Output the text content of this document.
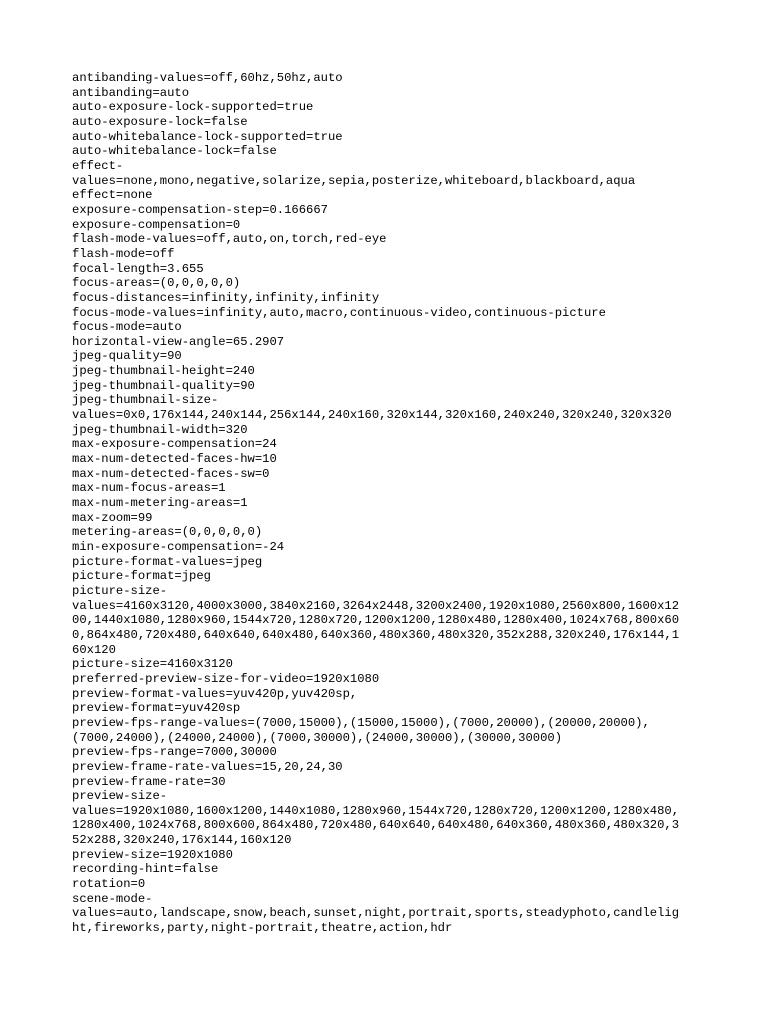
antibanding-values=off,60hz,50hz,auto
antibanding=auto
auto-exposure-lock-supported=true
auto-exposure-lock=false
auto-whitebalance-lock-supported=true
auto-whitebalance-lock=false
effect-
values=none,mono,negative,solarize,sepia,posterize,whiteboard,blackboard,aqua
effect=none
exposure-compensation-step=0.166667
exposure-compensation=0
flash-mode-values=off,auto,on,torch,red-eye
flash-mode=off
focal-length=3.655
focus-areas=(0,0,0,0,0)
focus-distances=infinity,infinity,infinity
focus-mode-values=infinity,auto,macro,continuous-video,continuous-picture
focus-mode=auto
horizontal-view-angle=65.2907
jpeg-quality=90
jpeg-thumbnail-height=240
jpeg-thumbnail-quality=90
jpeg-thumbnail-size-
values=0x0,176x144,240x144,256x144,240x160,320x144,320x160,240x240,320x240,320x320
jpeg-thumbnail-width=320
max-exposure-compensation=24
max-num-detected-faces-hw=10
max-num-detected-faces-sw=0
max-num-focus-areas=1
max-num-metering-areas=1
max-zoom=99
metering-areas=(0,0,0,0,0)
min-exposure-compensation=-24
picture-format-values=jpeg
picture-format=jpeg
picture-size-
values=4160x3120,4000x3000,3840x2160,3264x2448,3200x2400,1920x1080,2560x800,1600x12
00,1440x1080,1280x960,1544x720,1280x720,1200x1200,1280x480,1280x400,1024x768,800x60
0,864x480,720x480,640x640,640x480,640x360,480x360,480x320,352x288,320x240,176x144,1
60x120
picture-size=4160x3120
preferred-preview-size-for-video=1920x1080
preview-format-values=yuv420p,yuv420sp,
preview-format=yuv420sp
preview-fps-range-values=(7000,15000),(15000,15000),(7000,20000),(20000,20000),
(7000,24000),(24000,24000),(7000,30000),(24000,30000),(30000,30000)
preview-fps-range=7000,30000
preview-frame-rate-values=15,20,24,30
preview-frame-rate=30
preview-size-
values=1920x1080,1600x1200,1440x1080,1280x960,1544x720,1280x720,1200x1200,1280x480,
1280x400,1024x768,800x600,864x480,720x480,640x640,640x480,640x360,480x360,480x320,3
52x288,320x240,176x144,160x120
preview-size=1920x1080
recording-hint=false
rotation=0
scene-mode-
values=auto,landscape,snow,beach,sunset,night,portrait,sports,steadyphoto,candlelig
ht,fireworks,party,night-portrait,theatre,action,hdr
